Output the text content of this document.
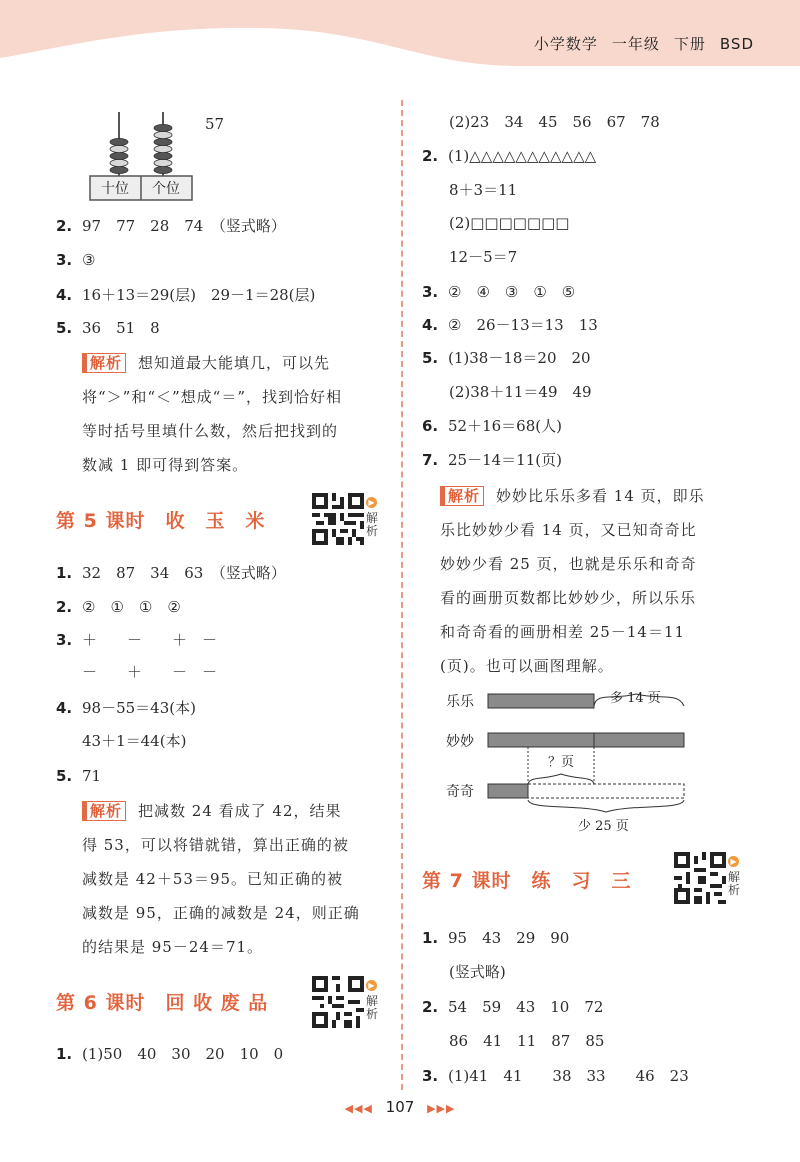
小学数学 一年级 下册 BSD
十位 个位
57
2. 97　77　28　74　（竖式略）
3. ③
4. 16＋13＝29(层)　29－1＝28(层)
5. 36　51　8
解析 想知道最大能填几，可以先
将“＞”和“＜”想成“＝”，找到恰好相
等时括号里填什么数，然后把找到的
数减 1 即可得到答案。
第 5 课时　收　玉　米
▶
解析
1. 32　87　34　63　（竖式略）
2. ②　①　①　②
3. ＋　　－　　＋　－
－　　＋　　－　－
4. 98－55＝43(本)
43＋1＝44(本)
5. 71
解析 把减数 24 看成了 42，结果
得 53，可以将错就错，算出正确的被
减数是 42＋53＝95。已知正确的被
减数是 95，正确的减数是 24，则正确
的结果是 95－24＝71。
第 6 课时　回 收 废 品
▶
解析
1. (1)50　40　30　20　10　0
(2)23　34　45　56　67　78
2. (1)△△△△△△△△△△△
8＋3＝11
(2)□□□□□□□
12－5＝7
3. ②　④　③　①　⑤
4. ②　26－13＝13　13
5. (1)38－18＝20　20
(2)38＋11＝49　49
6. 52＋16＝68(人)
7. 25－14＝11(页)
解析 妙妙比乐乐多看 14 页，即乐
乐比妙妙少看 14 页，又已知奇奇比
妙妙少看 25 页，也就是乐乐和奇奇
看的画册页数都比妙妙少，所以乐乐
和奇奇看的画册相差 25－14＝11
(页)。也可以画图理解。
乐乐	多 14 页
妙妙
？页
奇奇
少 25 页
第 7 课时　练　习　三
▶
解析
1. 95　43　29　90
(竖式略)
2. 54　59　43　10　72
86　41　11　87　85
3. (1)41　41　　38　33　　46　23
◀◀◀ 107 ▶▶▶
